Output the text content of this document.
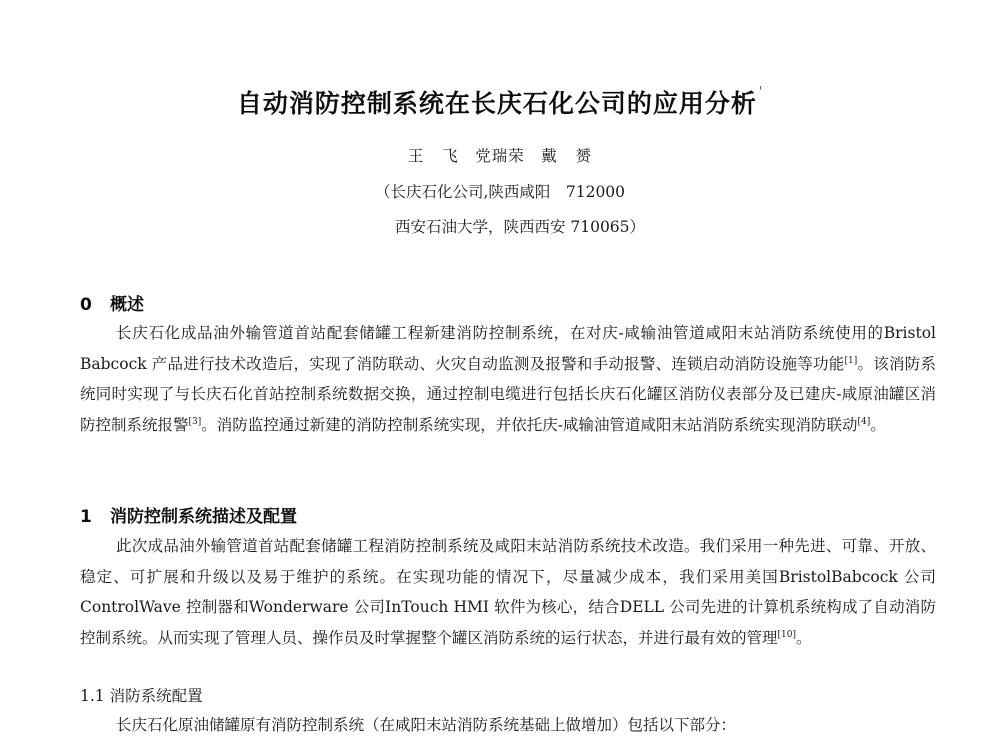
自动消防控制系统在长庆石化公司的应用分析 '
王 飞　党瑞荣　戴 赟
（长庆石化公司,陕西咸阳　712000
西安石油大学，陕西西安 710065）
0 概述

长庆石化成品油外输管道首站配套储罐工程新建消防控制系统，在对庆-咸输油管道咸阳末站消防系统使用的Bristol Babcock 产品进行技术改造后，实现了消防联动、火灾自动监测及报警和手动报警、连锁启动消防设施等功能[1]。该消防系统同时实现了与长庆石化首站控制系统数据交换，通过控制电缆进行包括长庆石化罐区消防仪表部分及已建庆-咸原油罐区消防控制系统报警[3]。消防监控通过新建的消防控制系统实现，并依托庆-咸输油管道咸阳末站消防系统实现消防联动[4]。

1 消防控制系统描述及配置

此次成品油外输管道首站配套储罐工程消防控制系统及咸阳末站消防系统技术改造。我们采用一种先进、可靠、开放、稳定、可扩展和升级以及易于维护的系统。在实现功能的情况下，尽量减少成本，我们采用美国BristolBabcock 公司ControlWave 控制器和Wonderware 公司InTouch HMI 软件为核心，结合DELL 公司先进的计算机系统构成了自动消防控制系统。从而实现了管理人员、操作员及时掌握整个罐区消防系统的运行状态，并进行最有效的管理[10]。

1.1 消防系统配置
长庆石化原油储罐原有消防控制系统（在咸阳末站消防系统基础上做增加）包括以下部分：
